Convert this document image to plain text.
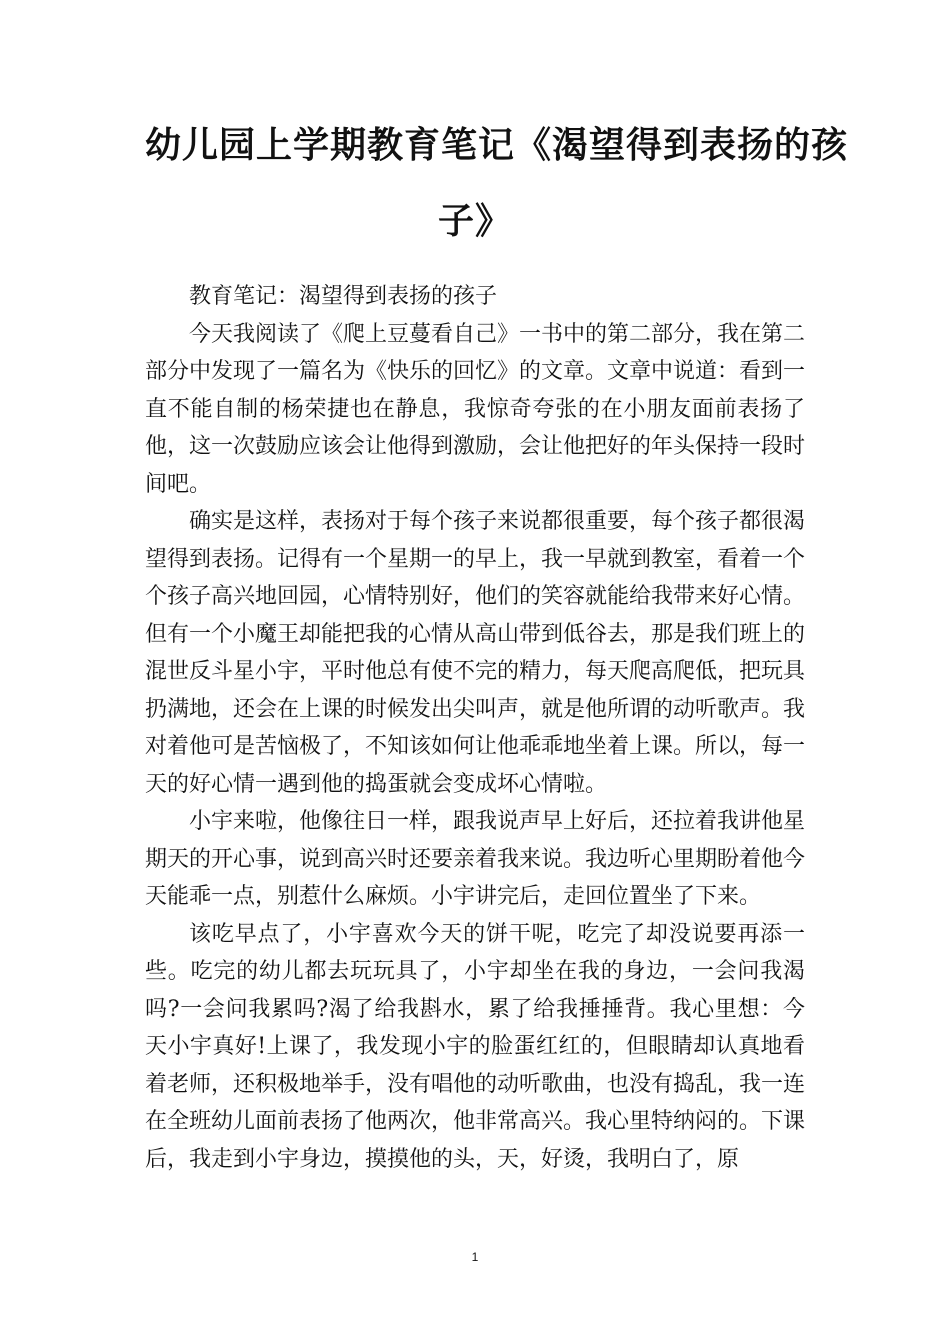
幼儿园上学期教育笔记《渴望得到表扬的孩
子》

教育笔记：渴望得到表扬的孩子

今天我阅读了《爬上豆蔓看自己》一书中的第二部分，我在第二部分中发现了一篇名为《快乐的回忆》的文章。文章中说道：看到一直不能自制的杨荣捷也在静息，我惊奇夸张的在小朋友面前表扬了他，这一次鼓励应该会让他得到激励，会让他把好的年头保持一段时间吧。

确实是这样，表扬对于每个孩子来说都很重要，每个孩子都很渴望得到表扬。记得有一个星期一的早上，我一早就到教室，看着一个个孩子高兴地回园，心情特别好，他们的笑容就能给我带来好心情。但有一个小魔王却能把我的心情从高山带到低谷去，那是我们班上的混世反斗星小宇，平时他总有使不完的精力，每天爬高爬低，把玩具扔满地，还会在上课的时候发出尖叫声，就是他所谓的动听歌声。我对着他可是苦恼极了，不知该如何让他乖乖地坐着上课。所以，每一天的好心情一遇到他的捣蛋就会变成坏心情啦。

小宇来啦，他像往日一样，跟我说声早上好后，还拉着我讲他星期天的开心事，说到高兴时还要亲着我来说。我边听心里期盼着他今天能乖一点，别惹什么麻烦。小宇讲完后，走回位置坐了下来。

该吃早点了，小宇喜欢今天的饼干呢，吃完了却没说要再添一些。吃完的幼儿都去玩玩具了，小宇却坐在我的身边，一会问我渴吗?一会问我累吗?渴了给我斟水，累了给我捶捶背。我心里想：今天小宇真好!上课了，我发现小宇的脸蛋红红的，但眼睛却认真地看着老师，还积极地举手，没有唱他的动听歌曲，也没有捣乱，我一连在全班幼儿面前表扬了他两次，他非常高兴。我心里特纳闷的。下课后，我走到小宇身边，摸摸他的头，天，好烫，我明白了，原

1
